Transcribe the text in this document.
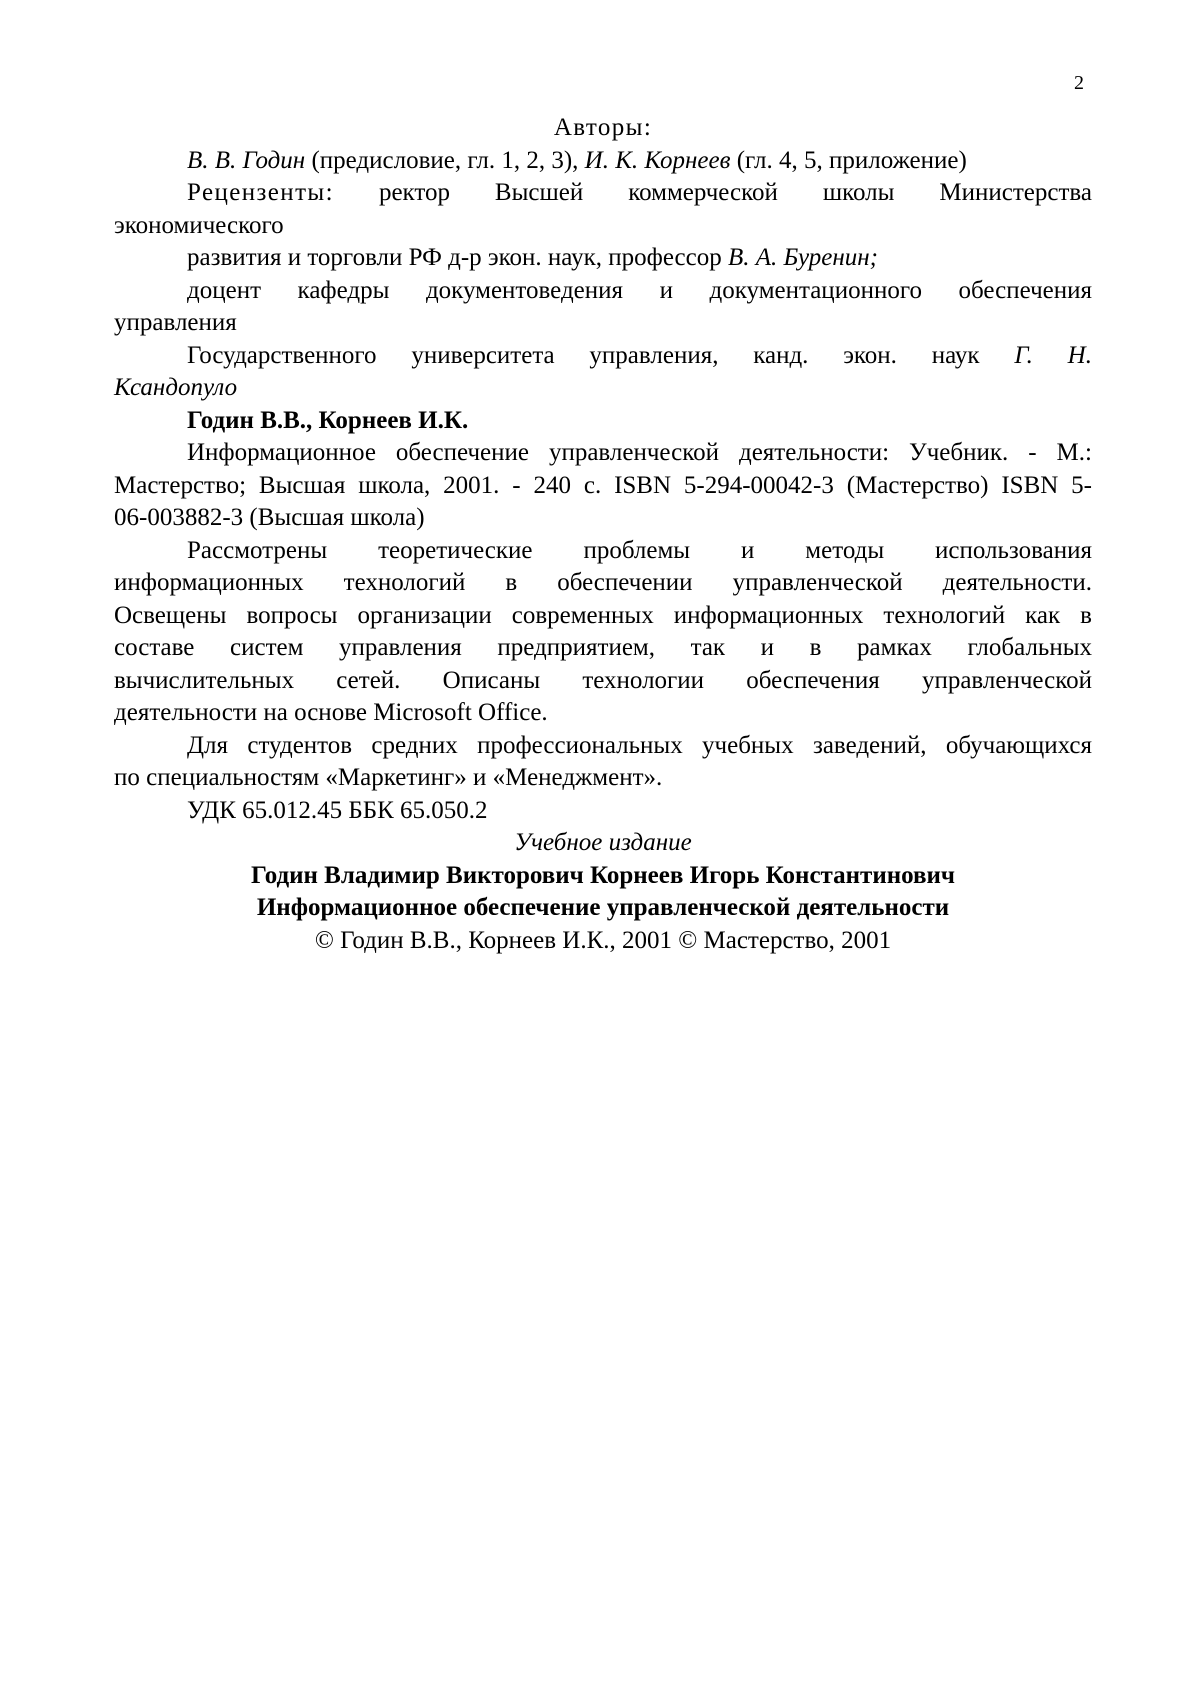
2
Авторы:
В. В. Годин (предисловие, гл. 1, 2, 3), И. К. Корнеев (гл. 4, 5, приложение)
Рецензенты: ректор Высшей коммерческой школы Министерства
экономического
развития и торговли РФ д-р экон. наук, профессор В. А. Буренин;
доцент кафедры документоведения и документационного обеспечения
управления
Государственного университета управления, канд. экон. наук Г. Н.
Ксандопуло
Годин В.В., Корнеев И.К.
Информационное обеспечение управленческой деятельности: Учебник. - М.:
Мастерство; Высшая школа, 2001. - 240 с. ISBN 5-294-00042-3 (Мастерство) ISBN 5-
06-003882-3 (Высшая школа)
Рассмотрены теоретические проблемы и методы использования
информационных технологий в обеспечении управленческой деятельности.
Освещены вопросы организации современных информационных технологий как в
составе систем управления предприятием, так и в рамках глобальных
вычислительных сетей. Описаны технологии обеспечения управленческой
деятельности на основе Microsoft Office.
Для студентов средних профессиональных учебных заведений, обучающихся
по специальностям «Маркетинг» и «Менеджмент».
УДК 65.012.45 ББК 65.050.2
Учебное издание
Годин Владимир Викторович Корнеев Игорь Константинович
Информационное обеспечение управленческой деятельности
© Годин В.В., Корнеев И.К., 2001 © Мастерство, 2001
